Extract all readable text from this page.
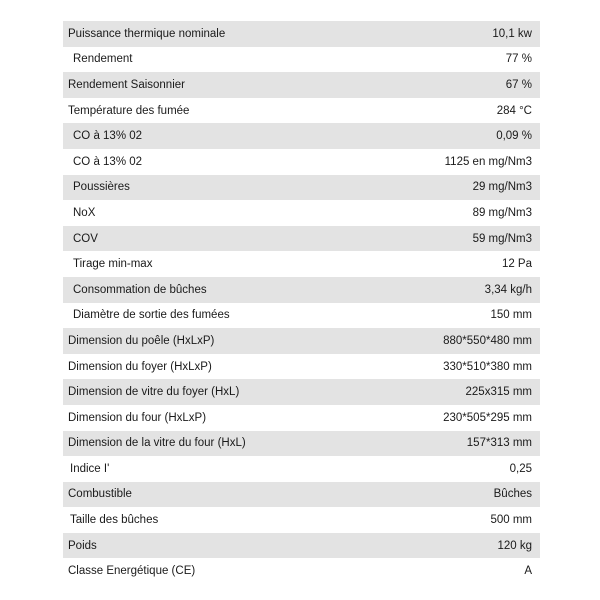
Puissance thermique nominale	10,1 kw
Rendement	77 %
Rendement Saisonnier	67 %
Température des fumée	284 °C
CO à 13% 02	0,09 %
CO à 13% 02	1125 en mg/Nm3
Poussières	29 mg/Nm3
NoX	89 mg/Nm3
COV	59 mg/Nm3
Tirage min-max	12 Pa
Consommation de bûches	3,34 kg/h
Diamètre de sortie des fumées	150 mm
Dimension du poêle (HxLxP)	880*550*480 mm
Dimension du foyer (HxLxP)	330*510*380 mm
Dimension de vitre du foyer (HxL)	225x315 mm
Dimension du four (HxLxP)	230*505*295 mm
Dimension de la vitre du four (HxL)	157*313 mm
Indice I'	0,25
Combustible	Bûches
Taille des bûches	500 mm
Poids	120 kg
Classe Energétique (CE)	A
